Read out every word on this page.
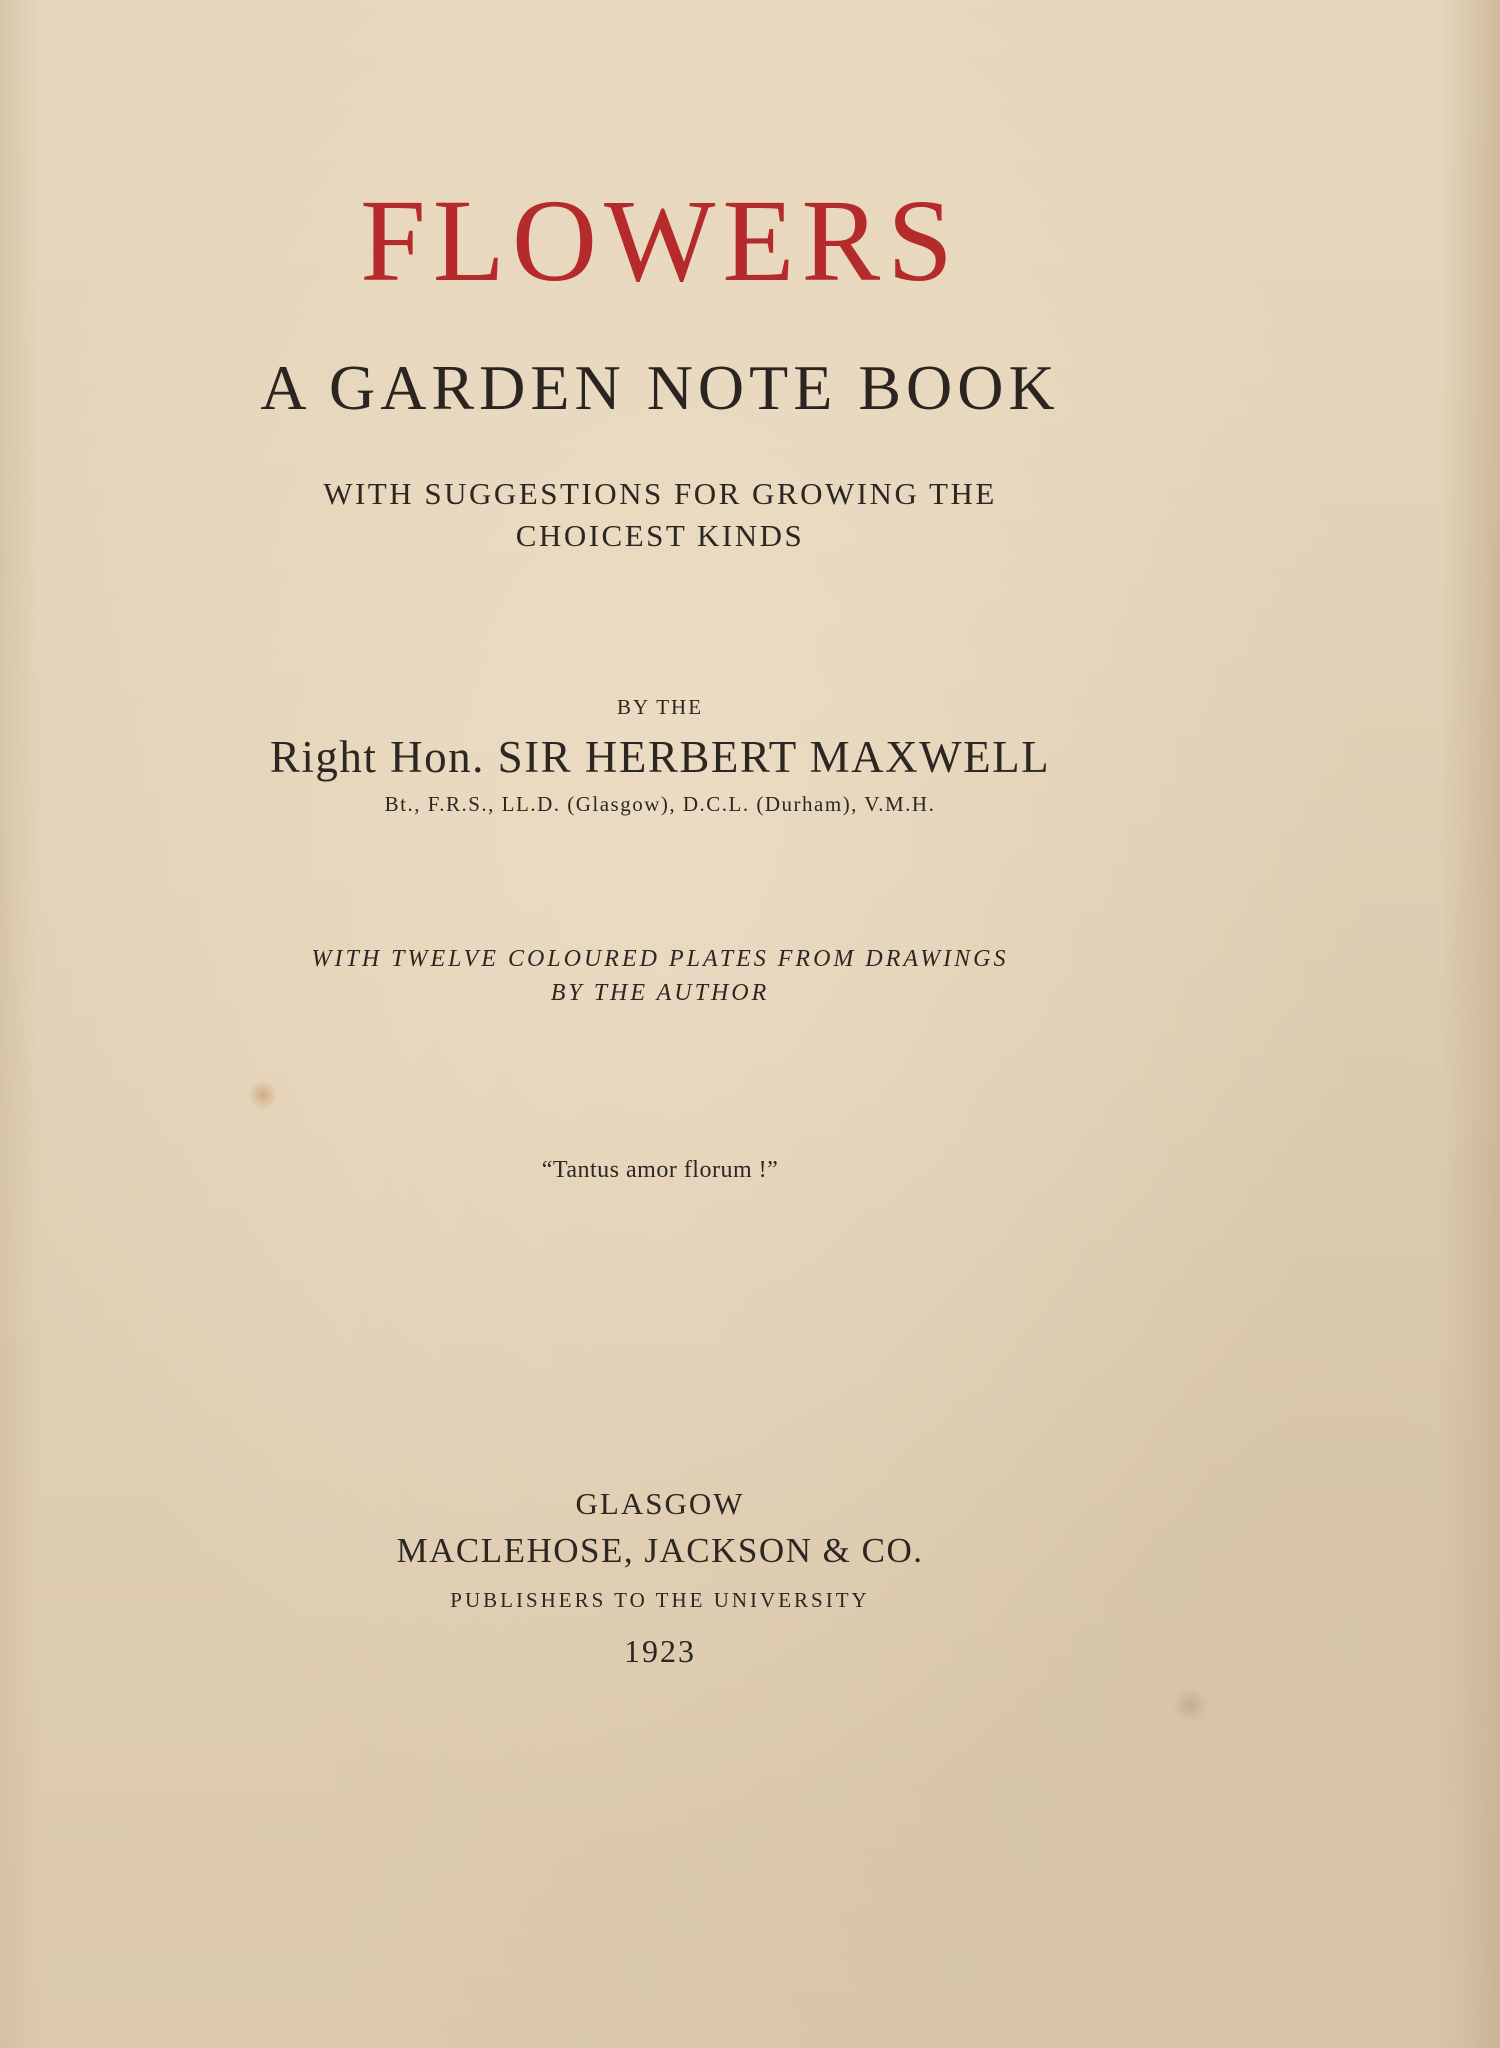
FLOWERS
A GARDEN NOTE BOOK
WITH SUGGESTIONS FOR GROWING THE
CHOICEST KINDS
BY THE
Right Hon. SIR HERBERT MAXWELL
Bt., F.R.S., LL.D. (Glasgow), D.C.L. (Durham), V.M.H.
WITH TWELVE COLOURED PLATES FROM DRAWINGS
BY THE AUTHOR
“Tantus amor florum !”
GLASGOW
MACLEHOSE, JACKSON & CO.
PUBLISHERS TO THE UNIVERSITY
1923
